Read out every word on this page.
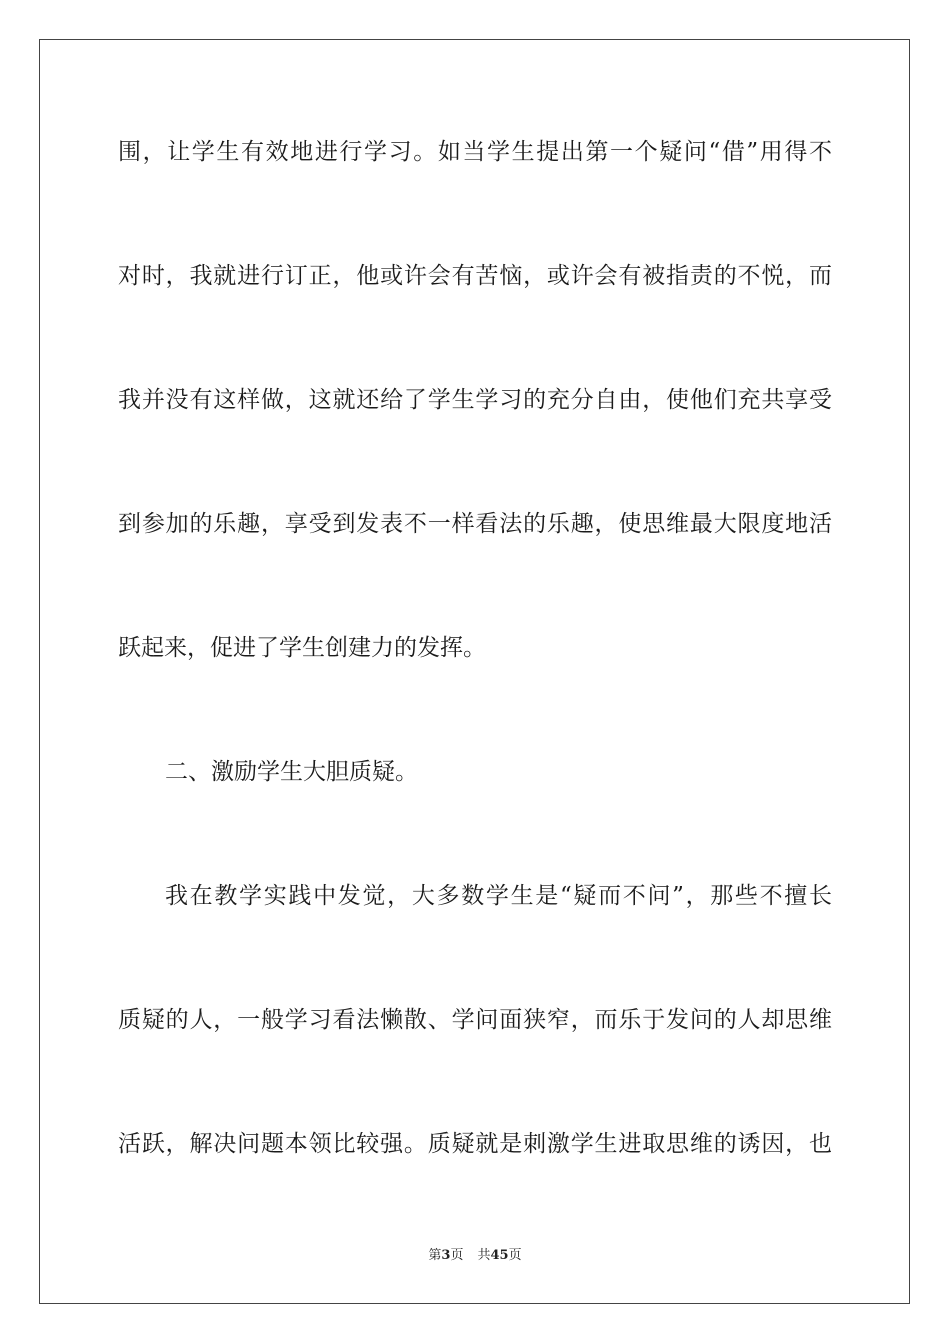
围，让学生有效地进行学习。如当学生提出第一个疑问“借”用得不
对时，我就进行订正，他或许会有苦恼，或许会有被指责的不悦，而
我并没有这样做，这就还给了学生学习的充分自由，使他们充共享受
到参加的乐趣，享受到发表不一样看法的乐趣，使思维最大限度地活
跃起来，促进了学生创建力的发挥。
二、激励学生大胆质疑。
我在教学实践中发觉，大多数学生是“疑而不问”，那些不擅长
质疑的人，一般学习看法懒散、学问面狭窄，而乐于发问的人却思维
活跃，解决问题本领比较强。质疑就是刺激学生进取思维的诱因，也
第3页 共45页
